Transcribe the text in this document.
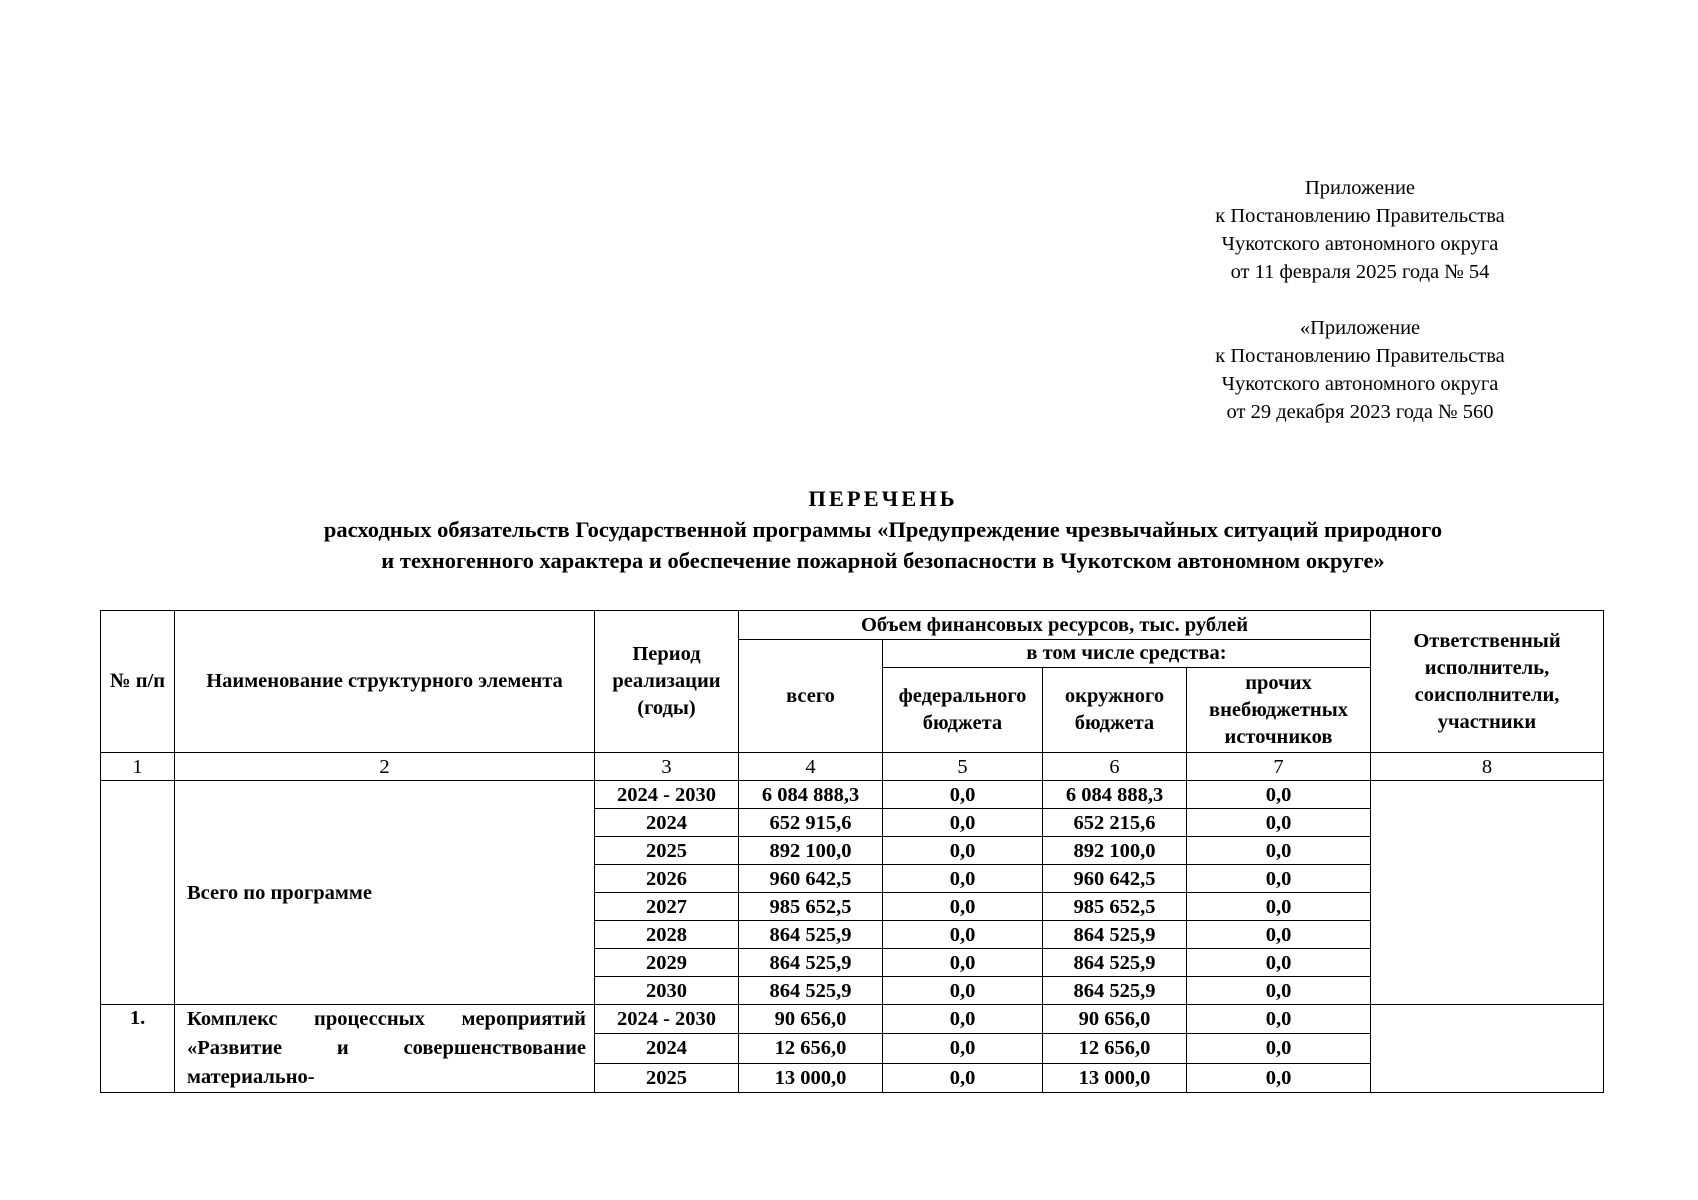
Приложение
к Постановлению Правительства
Чукотского автономного округа
от 11 февраля 2025 года № 54
«Приложение
к Постановлению Правительства
Чукотского автономного округа
от 29 декабря 2023 года № 560
ПЕРЕЧЕНЬ
расходных обязательств Государственной программы «Предупреждение чрезвычайных ситуаций природного
и техногенного характера и обеспечение пожарной безопасности в Чукотском автономном округе»
№ п/п	Наименование структурного элемента	Период реализации (годы)	Объем финансовых ресурсов, тыс. рублей				Ответственный исполнитель, соисполнители, участники
			всего	в том числе средства:			
				федерального бюджета	окружного бюджета	прочих внебюджетных источников	
1	2	3	4	5	6	7	8
	Всего по программе	2024 - 2030	6 084 888,3	0,0	6 084 888,3	0,0	
		2024	652 915,6	0,0	652 215,6	0,0	
		2025	892 100,0	0,0	892 100,0	0,0	
		2026	960 642,5	0,0	960 642,5	0,0	
		2027	985 652,5	0,0	985 652,5	0,0	
		2028	864 525,9	0,0	864 525,9	0,0	
		2029	864 525,9	0,0	864 525,9	0,0	
		2030	864 525,9	0,0	864 525,9	0,0	
1.	Комплекс процессных мероприятий «Развитие и совершенствование материально-	2024 - 2030	90 656,0	0,0	90 656,0	0,0	
		2024	12 656,0	0,0	12 656,0	0,0	
		2025	13 000,0	0,0	13 000,0	0,0	
